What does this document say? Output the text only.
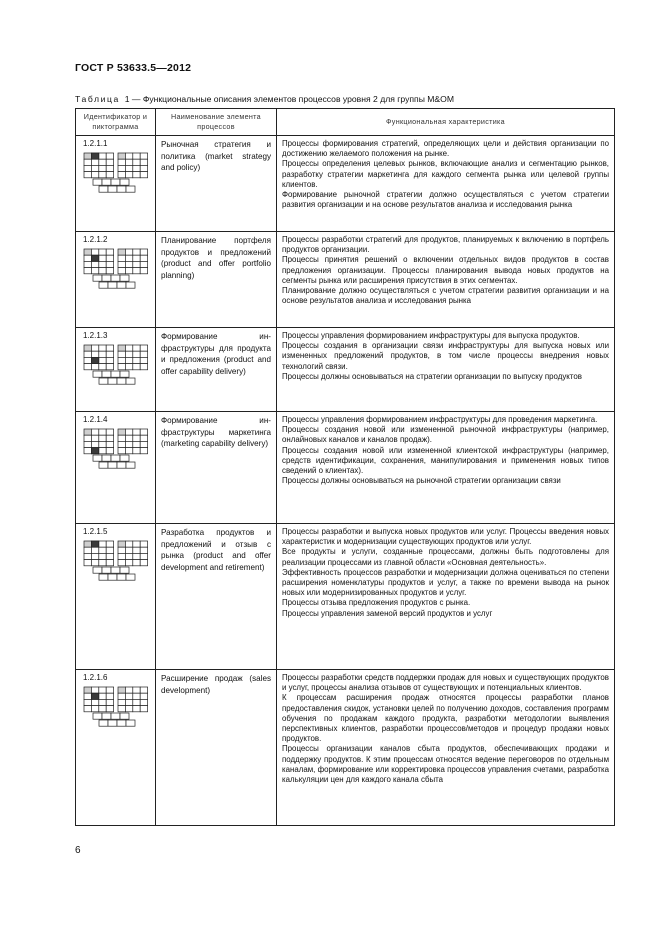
ГОСТ Р 53633.5—2012
Таблица 1 — Функциональные описания элементов процессов уровня 2 для группы М&OM
Идентификатор и пиктограмма	Наименование элемента процессов	Функциональная характеристика

1.2.1.1	Рыночная стратегия и политика (market strategy and policy)	Процессы формирования стратегий, определяющих цели и действия организации по достижению желаемого положения на рынке.

Процессы определения целевых рынков, включающие анализ и сегментацию рынков, разработку стратегии маркетинга для каждого сегмента рынка или целевой группы клиентов.

Формирование рыночной стратегии должно осуществляться с учетом стратегии развития организации и на основе результатов анализа и исследования рынка

1.2.1.2	Планирование портфеля продуктов и предложений (product and offer portfolio planning)	Процессы разработки стратегий для продуктов, планируемых к включению в портфель продуктов организации.

Процессы принятия решений о включении отдельных видов продуктов в состав предложения организации. Процессы планирования вывода новых продуктов на сегменты рынка или расширения присутствия в этих сегментах.

Планирование должно осуществляться с учетом стратегии развития организации и на основе результатов анализа и исследования рынка

1.2.1.3	Формирование инфраструктуры для продукта и предложения (product and offer capability delivery)	Процессы управления формированием инфраструктуры для выпуска продуктов.

Процессы создания в организации связи инфраструктуры для выпуска новых или измененных предложений продуктов, в том числе процессы внедрения новых технологий связи.

Процессы должны основываться на стратегии организации по выпуску продуктов

1.2.1.4	Формирование инфраструктуры маркетинга (marketing capability delivery)	Процессы управления формированием инфраструктуры для проведения маркетинга.

Процессы создания новой или измененной рыночной инфраструктуры (например, онлайновых каналов и каналов продаж).

Процессы создания новой или измененной клиентской инфраструктуры (например, средств идентификации, сохранения, манипулирования и применения новых типов сведений о клиентах).

Процессы должны основываться на рыночной стратегии организации связи

1.2.1.5	Разработка продуктов и предложений и отзыв с рынка (product and offer development and retirement)	Процессы разработки и выпуска новых продуктов или услуг. Процессы введения новых характеристик и модернизации существующих продуктов или услуг.

Все продукты и услуги, созданные процессами, должны быть подготовлены для реализации процессами из главной области «Основная деятельность».

Эффективность процессов разработки и модернизации должна оцениваться по степени расширения номенклатуры продуктов и услуг, а также по времени вывода на рынок новых или модернизированных продуктов и услуг.

Процессы отзыва предложения продуктов с рынка.

Процессы управления заменой версий продуктов и услуг

1.2.1.6	Расширение продаж (sales development)	Процессы разработки средств поддержки продаж для новых и существующих продуктов и услуг, процессы анализа отзывов от существующих и потенциальных клиентов.

К процессам расширения продаж относятся процессы разработки планов предоставления скидок, установки целей по получению доходов, составления программ обучения по продажам каждого продукта, разработки методологии выявления перспективных клиентов, разработки процессов/методов и процедур продажи новых продуктов.

Процессы организации каналов сбыта продуктов, обеспечивающих продажи и поддержку продуктов. К этим процессам относятся ведение переговоров по отдельным каналам, формирование или корректировка процессов управления счетами, разработка калькуляции цен для каждого канала сбыта

6
